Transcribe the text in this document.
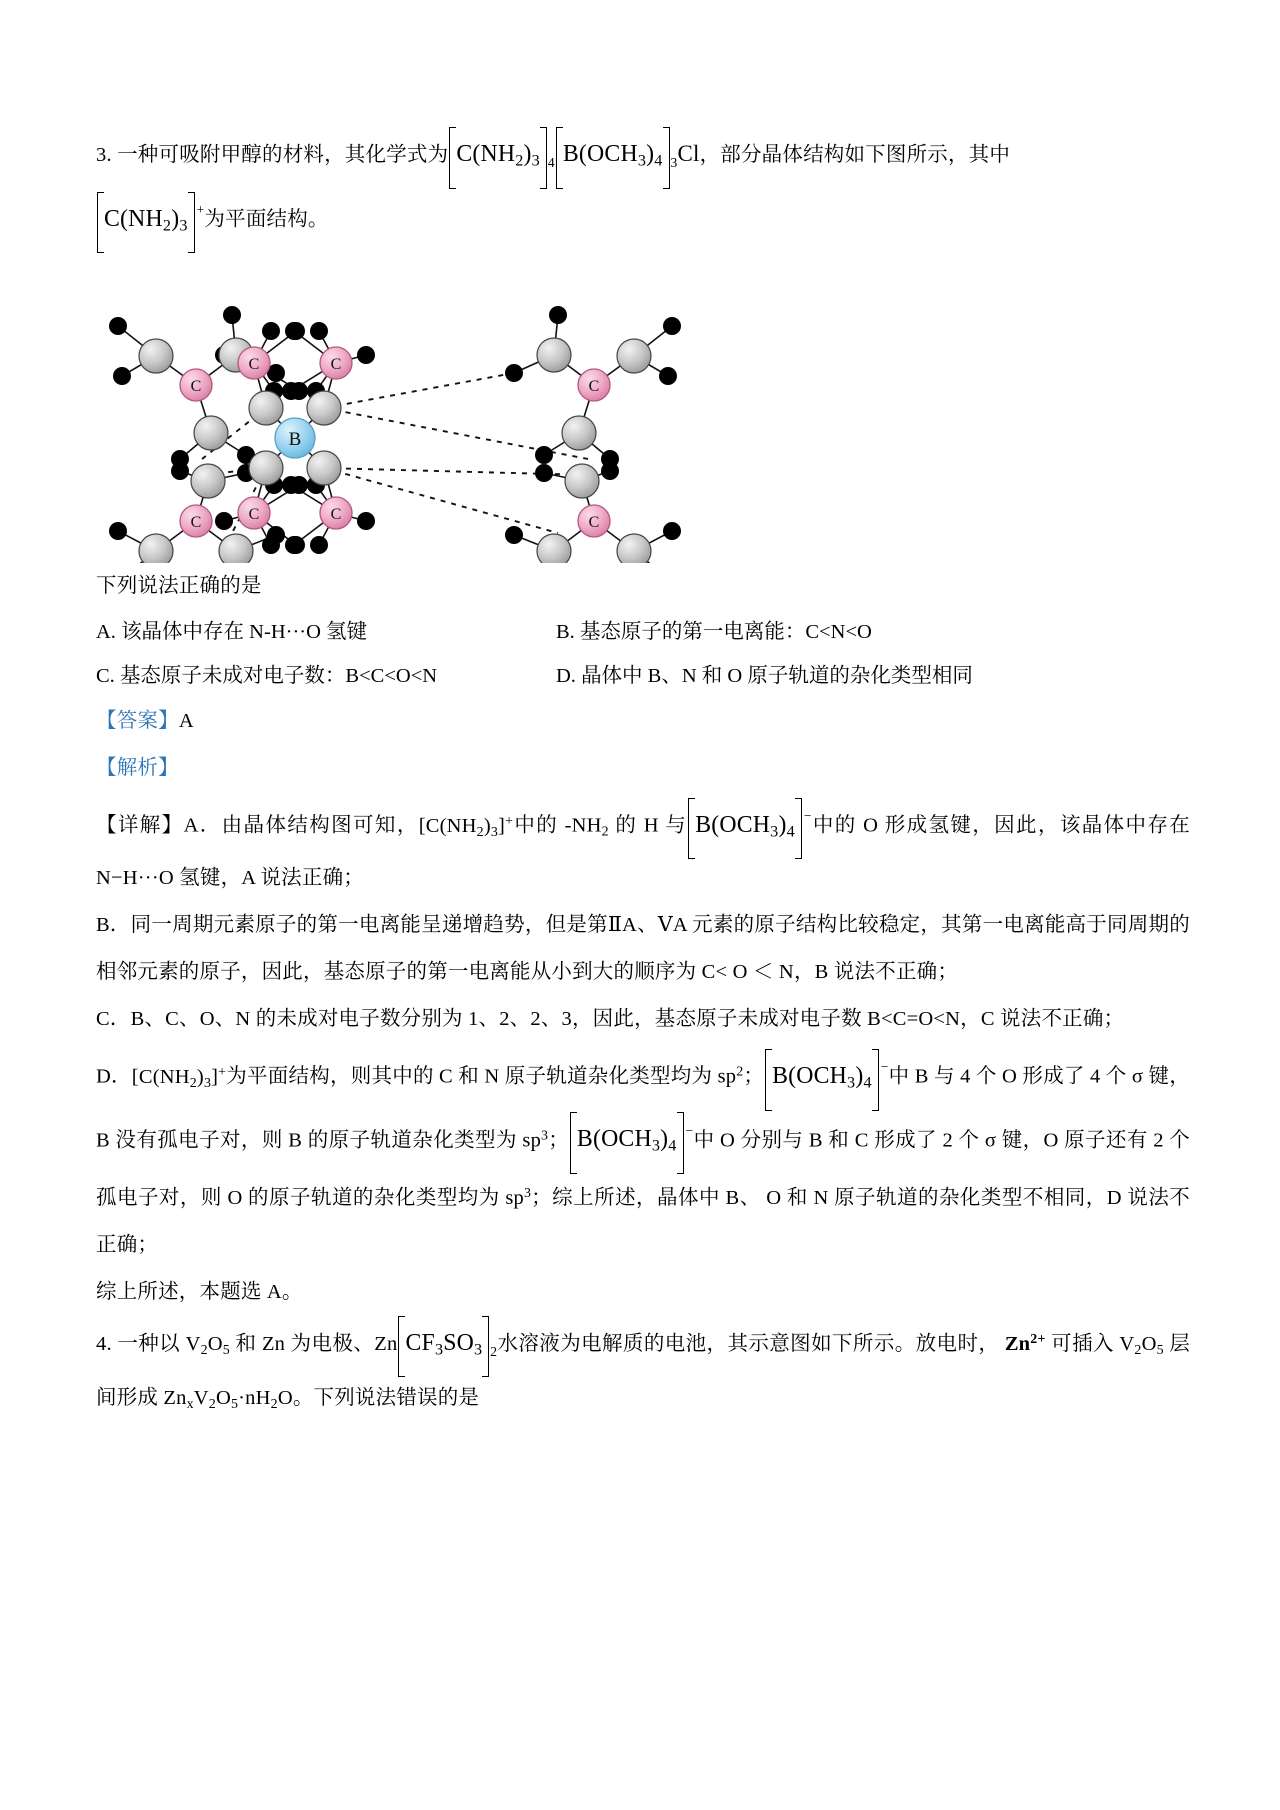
3. 一种可吸附甲醇的材料，其化学式为 $C(NH_2)_3$ $_4$ $B(OCH_3)_4$ $_3$Cl，部分晶体结构如下图所示，其中

$C(NH_2)_3^+$为平面结构。

C
C
C
C
C	C
C	C
B

下列说法正确的是

A. 该晶体中存在 N-H···O 氢键	B. 基态原子的第一电离能：C<N<O
C. 基态原子未成对电子数：B<C<O<N	D. 晶体中 B、N 和 O 原子轨道的杂化类型相同

【答案】A

【解析】

【详解】A．由晶体结构图可知，$[C(NH_2)_3]^+$中的 $-NH_2$ 的 H 与 $B(OCH_3)_4^-$中的 O 形成氢键，因此，该晶体中存在 N−H···O 氢键，A 说法正确；

B．同一周期元素原子的第一电离能呈递增趋势，但是第ⅡA、ⅤA 元素的原子结构比较稳定，其第一电离能高于同周期的相邻元素的原子，因此，基态原子的第一电离能从小到大的顺序为 C< O ＜ N，B 说法不正确；

C．B、C、O、N 的未成对电子数分别为 1、2、2、3，因此，基态原子未成对电子数 B<C=O<N，C 说法不正确；

D．$[C(NH_2)_3]^+$为平面结构，则其中的 C 和 N 原子轨道杂化类型均为 $sp^2$； $B(OCH_3)_4^-$中 B 与 4 个 O 形成了 4 个 σ 键，B 没有孤电子对，则 B 的原子轨道杂化类型为 $sp^3$； $B(OCH_3)_4^-$中 O 分别与 B 和 C 形成了 2 个 σ 键，O 原子还有 2 个孤电子对，则 O 的原子轨道的杂化类型均为 $sp^3$；综上所述，晶体中 B、 O 和 N 原子轨道的杂化类型不相同，D 说法不正确；

综上所述，本题选 A。

4. 一种以 $V_2O_5$ 和 Zn 为电极、Zn $CF_3SO_3$ $_2$水溶液为电解质的电池，其示意图如下所示。放电时， $Zn^{2+}$ 可插入 $V_2O_5$ 层间形成 $Zn_xV_2O_5\cdot nH_2O$。下列说法错误的是
